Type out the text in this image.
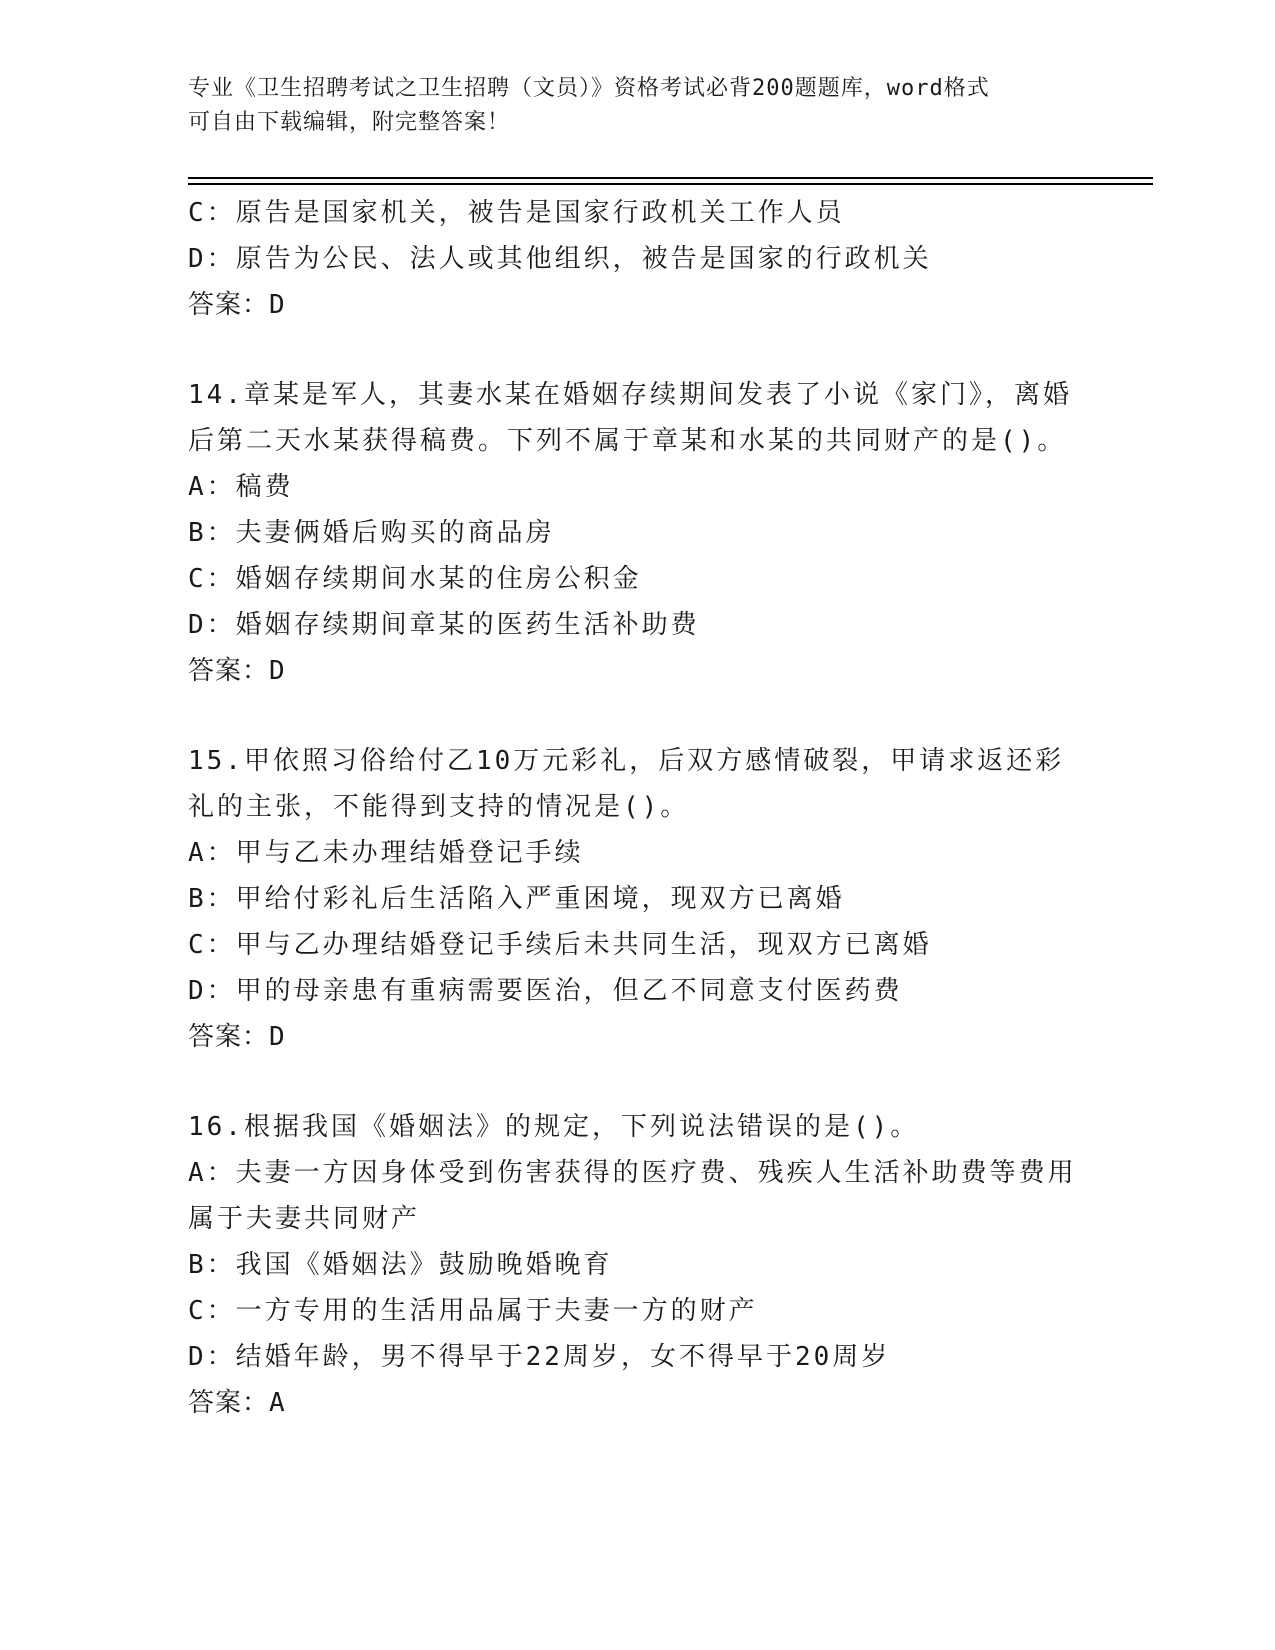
专业《卫生招聘考试之卫生招聘（文员）》资格考试必背200题题库，word格式
可自由下载编辑，附完整答案！
C：原告是国家机关，被告是国家行政机关工作人员
D：原告为公民、法人或其他组织，被告是国家的行政机关
答案：D
14.章某是军人，其妻水某在婚姻存续期间发表了小说《家门》，离婚
后第二天水某获得稿费。下列不属于章某和水某的共同财产的是()。
A：稿费
B：夫妻俩婚后购买的商品房
C：婚姻存续期间水某的住房公积金
D：婚姻存续期间章某的医药生活补助费
答案：D
15.甲依照习俗给付乙10万元彩礼，后双方感情破裂，甲请求返还彩
礼的主张，不能得到支持的情况是()。
A：甲与乙未办理结婚登记手续
B：甲给付彩礼后生活陷入严重困境，现双方已离婚
C：甲与乙办理结婚登记手续后未共同生活，现双方已离婚
D：甲的母亲患有重病需要医治，但乙不同意支付医药费
答案：D
16.根据我国《婚姻法》的规定，下列说法错误的是()。
A：夫妻一方因身体受到伤害获得的医疗费、残疾人生活补助费等费用
属于夫妻共同财产
B：我国《婚姻法》鼓励晚婚晚育
C：一方专用的生活用品属于夫妻一方的财产
D：结婚年龄，男不得早于22周岁，女不得早于20周岁
答案：A
